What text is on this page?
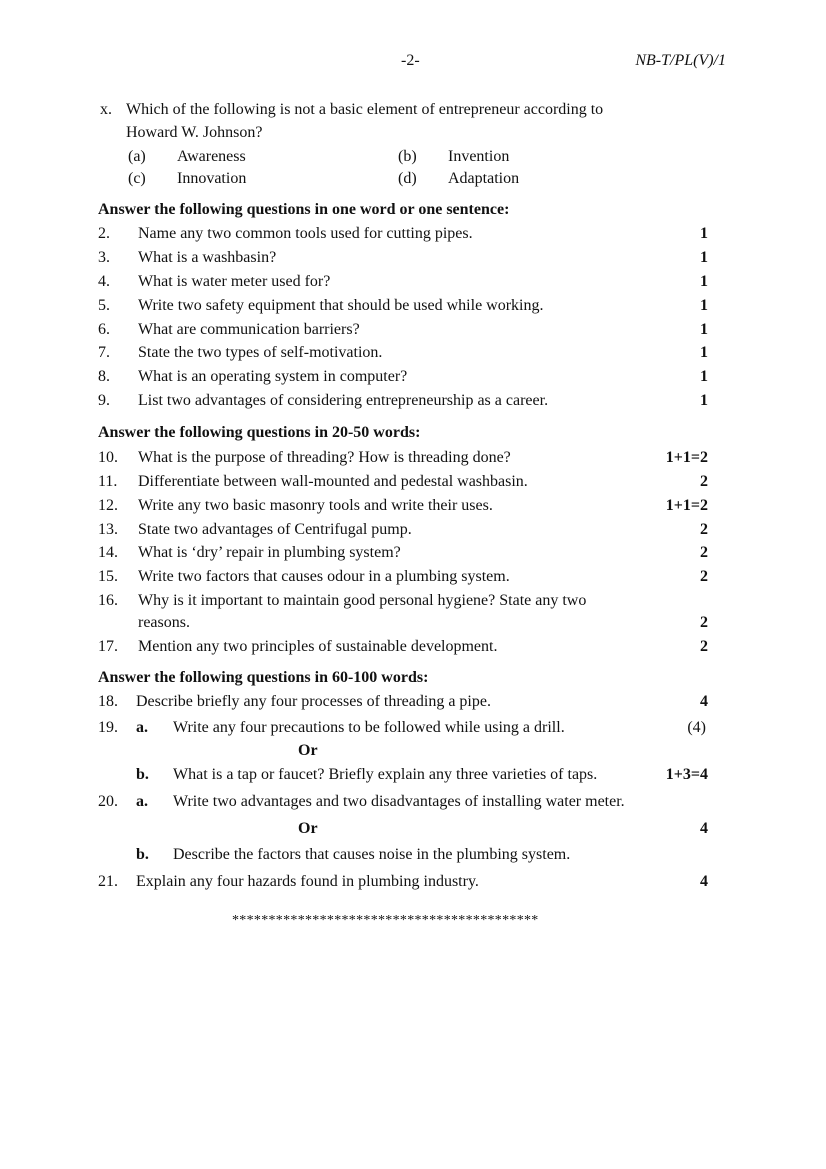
-2-	NB-T/PL(V)/1
x. Which of the following is not a basic element of entrepreneur according to
Howard W. Johnson?
(a) Awareness	(b) Invention
(c) Innovation	(d) Adaptation
Answer the following questions in one word or one sentence:
2. Name any two common tools used for cutting pipes.	1
3. What is a washbasin?	1
4. What is water meter used for?	1
5. Write two safety equipment that should be used while working.	1
6. What are communication barriers?	1
7. State the two types of self-motivation.	1
8. What is an operating system in computer?	1
9. List two advantages of considering entrepreneurship as a career.	1
Answer the following questions in 20-50 words:
10. What is the purpose of threading? How is threading done?	1+1=2
11. Differentiate between wall-mounted and pedestal washbasin.	2
12. Write any two basic masonry tools and write their uses.	1+1=2
13. State two advantages of Centrifugal pump.	2
14. What is ‘dry’ repair in plumbing system?	2
15. Write two factors that causes odour in a plumbing system.	2
16. Why is it important to maintain good personal hygiene? State any two
reasons.	2
17. Mention any two principles of sustainable development.	2
Answer the following questions in 60-100 words:
18. Describe briefly any four processes of threading a pipe.	4
19. a. Write any four precautions to be followed while using a drill.	(4)
Or
b. What is a tap or faucet? Briefly explain any three varieties of taps.	1+3=4
20. a. Write two advantages and two disadvantages of installing water meter.
Or	4
b. Describe the factors that causes noise in the plumbing system.
21. Explain any four hazards found in plumbing industry.	4
******************************************
